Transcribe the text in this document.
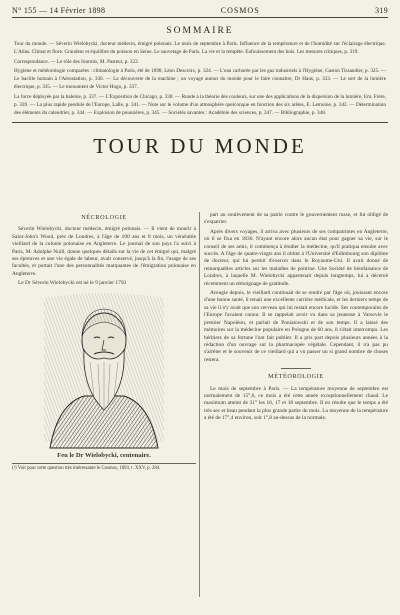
N° 155 — 14 Février 1898	COSMOS	319
SOMMAIRE

Tour du monde. — Séverin Wielobycki, docteur médecin, émigré polonais. Le mois de septembre à Paris. Influence de la température et de l'humidité sur l'éclairage électrique. L'Atlas. Climat et flore. Grandeur et équilibre du poisson en Seine. Le sauvetage de Paris. La vie et la tempête. Enfouissement des bois. Les mesures critiques, p. 319.

Correspondance. — Le rôle des fourmis, M. Pasteur, p. 322.

Hygiène et météorologie comparées : climatologie à Paris, été de 1898, Léon Descroix, p. 324. — L'eau carburée par les gaz industriels à l'Hygiène, Gaston Tissandier, p. 325. — Le bacille humain à l'Aérostation, p. 330. — La découverte de la machine ; un voyage autour du monde pour le faire connaître, Dr Haus, p. 333. — Le sort de la lumière électrique, p. 335. — Le monument de Victor Hugo, p. 337.

La force déployée par la baleine, p. 337. — L'Exposition de Chicago, p. 338. — Ronde à la théorie des couleurs, sur une des applications de la dispersion de la lumière, Em. Frère, p. 339. — La plus rapide pendule de l'Europe, Lalle, p. 341. — Note sur le volume d'un atmosphère quelconque en fonction des six arêtes, E. Lemoine, p. 342. — Détermination des éléments du calendrier, p. 344. — Explosion de poussières, p. 345. — Sociétés savantes : Académie des sciences, p. 347. — Bibliographie, p. 348.

TOUR DU MONDE
NÉCROLOGIE

Séverin Wielobycki, docteur médecin, émigré polonais. — Il vient de mourir à Saint-John's Wood, près de Londres, à l'âge de 100 ans et 8 mois, un vénérable vieillard de la colonie polonaise en Angleterre. Le journal de son pays l'a suivi à Paris, M. Adolphe Nuill, donne quelques détails sur la vie de cet émigré qui, malgré ses épreuves et une vie égale de labeur, avait conservé, jusqu'à la fin, l'usage de ses facultés, et portait l'une des personnalités marquantes de l'émigration polonaise en Angleterre.

Le Dr Séverin Wielobycki est né le 9 janvier 1793

Feu le Dr Wielobycki, centenaire.
(¹) Voir pour cette question très intéressante le Cosmos, 1893, t. XXV, p. 284.

part au soulèvement de sa patrie contre le gouvernement russe, et fut obligé de s'expatrier.

Après divers voyages, il arriva avec plusieurs de ses compatriotes en Angleterre, où il se fixa en 1830. N'ayant encore alors aucun état pour gagner sa vie, sur le conseil de ses amis, il commença à étudier la médecine, qu'il pratiqua ensuite avec succès. A l'âge de quatre-vingts ans il obtint à l'Université d'Edimbourg son diplôme de docteur, qui lui permit d'exercer dans le Royaume-Uni. Il avait donné de remarquables articles sur les maladies de poitrine. Une Société de bienfaisance de Londres, à laquelle M. Wielobycki appartenait depuis longtemps, lui a décerné récemment un témoignage de gratitude.

Aveugle depuis, le vieillard continuait de se rendre par l'âge où, jouissant encore d'une bonne santé, il tenait une excellente carrière médicale, et les derniers temps de sa vie il n'y avait que son cerveau qui lui restait encore lucide. Ses contemporains de l'Europe l'avaient connu. Il se rappelait avoir vu dans sa jeunesse à Varsovie le premier Napoléon, et parlait de Poniatowski et de son temps. Il a laissé des mémoires sur la médecine populaire en Pologne de 60 ans, il s'était interrompu. Les héritiers de sa fortune l'ont fait publier. Il a pris part depuis plusieurs années à la rédaction d'un ouvrage sur la pharmacopée végétale. Cependant, il n'a pas pu s'arrêter et le souvenir de ce vieillard qui a vu passer un si grand nombre de choses restera.

MÉTÉOROLOGIE

Le mois de septembre à Paris. — La température moyenne de septembre est normalement de 15°,6, ce mois a été cette année exceptionnellement chaud. Le maximum atteint de 31° les 16, 17 et 18 septembre. Il en résulte que le temps a été très sec et beau pendant la plus grande partie du mois. La moyenne de la température a été de 17°,4 environ, soit 1°,8 au-dessus de la normale.
